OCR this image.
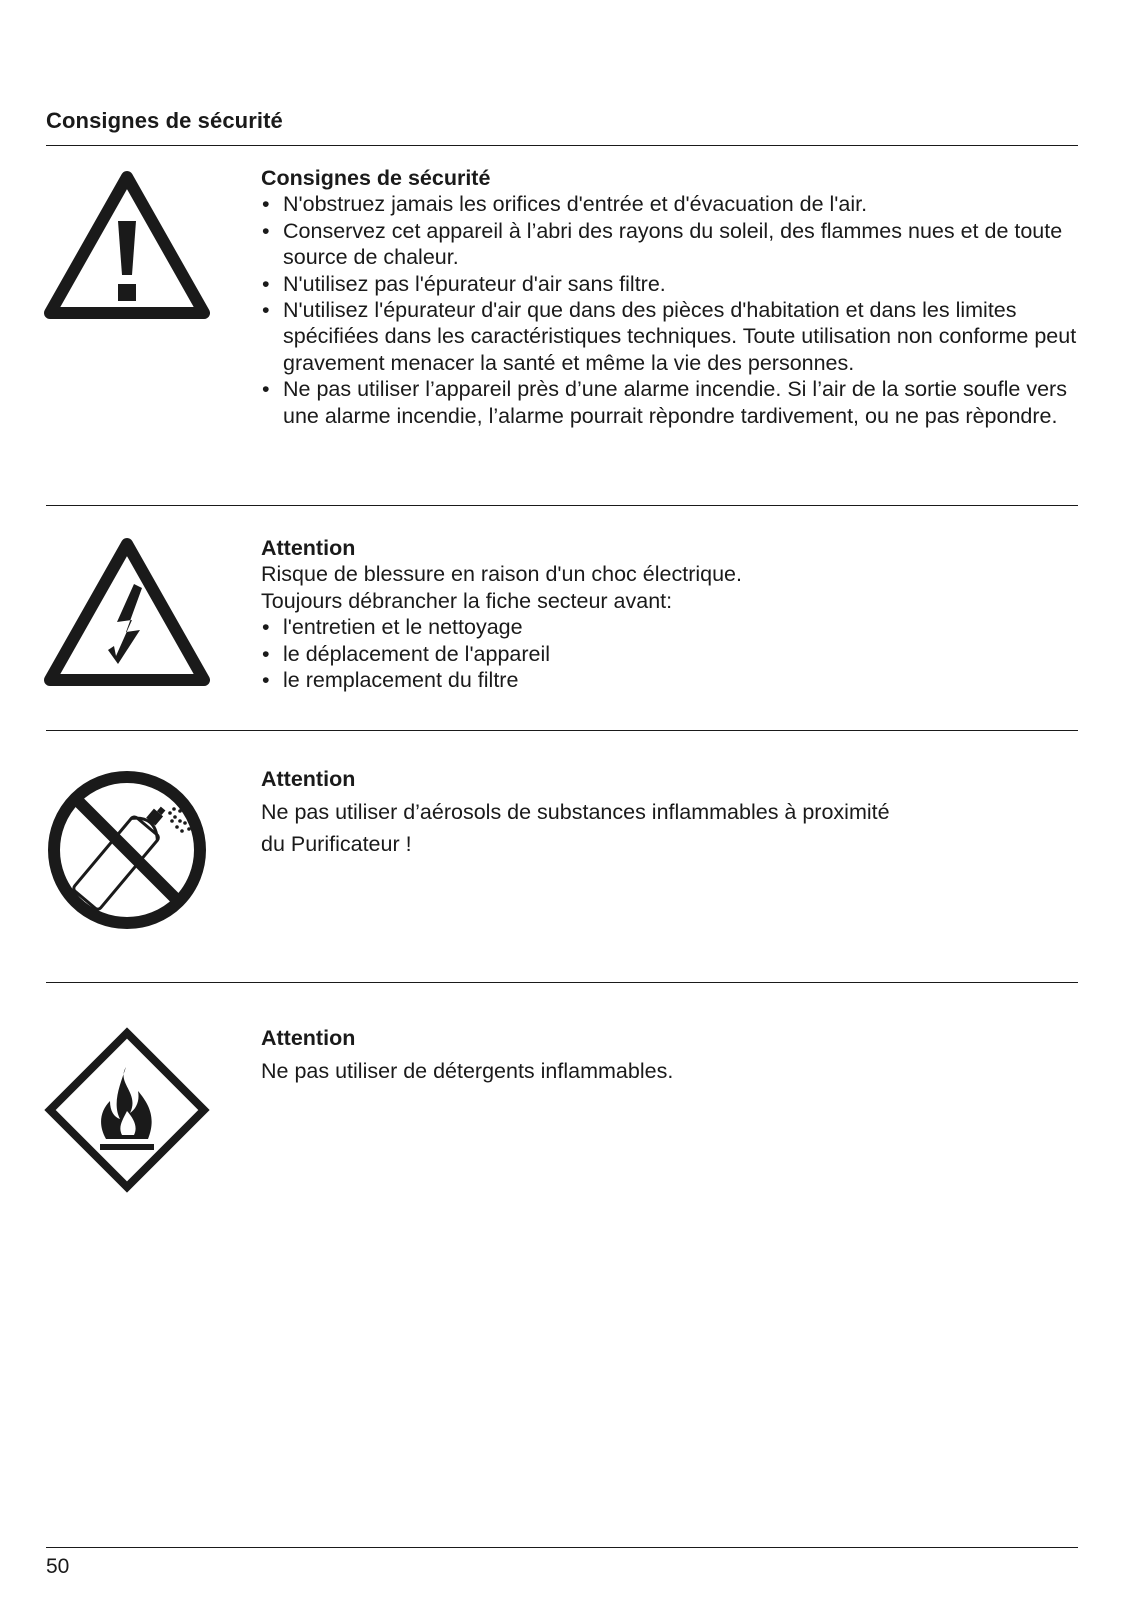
Consignes de sécurité
Consignes de sécurité
• N'obstruez jamais les orifices d'entrée et d'évacuation de l'air.
• Conservez cet appareil à l’abri des rayons du soleil, des flammes nues et de toute source de chaleur.
• N'utilisez pas l'épurateur d'air sans filtre.
• N'utilisez l'épurateur d'air que dans des pièces d'habitation et dans les limites spécifiées dans les caractéristiques techniques. Toute utilisation non conforme peut gravement menacer la santé et même la vie des personnes.
• Ne pas utiliser l’appareil près d’une alarme incendie. Si l’air de la sortie soufle vers une alarme incendie, l’alarme pourrait rèpondre tardivement, ou ne pas rèpondre.
Attention

Risque de blessure en raison d'un choc électrique.

Toujours débrancher la fiche secteur avant:

• l'entretien et le nettoyage
• le déplacement de l'appareil
• le remplacement du filtre
Attention

Ne pas utiliser d’aérosols de substances inflammables à proximité

du Purificateur !

Attention

Ne pas utiliser de détergents inflammables.

50
